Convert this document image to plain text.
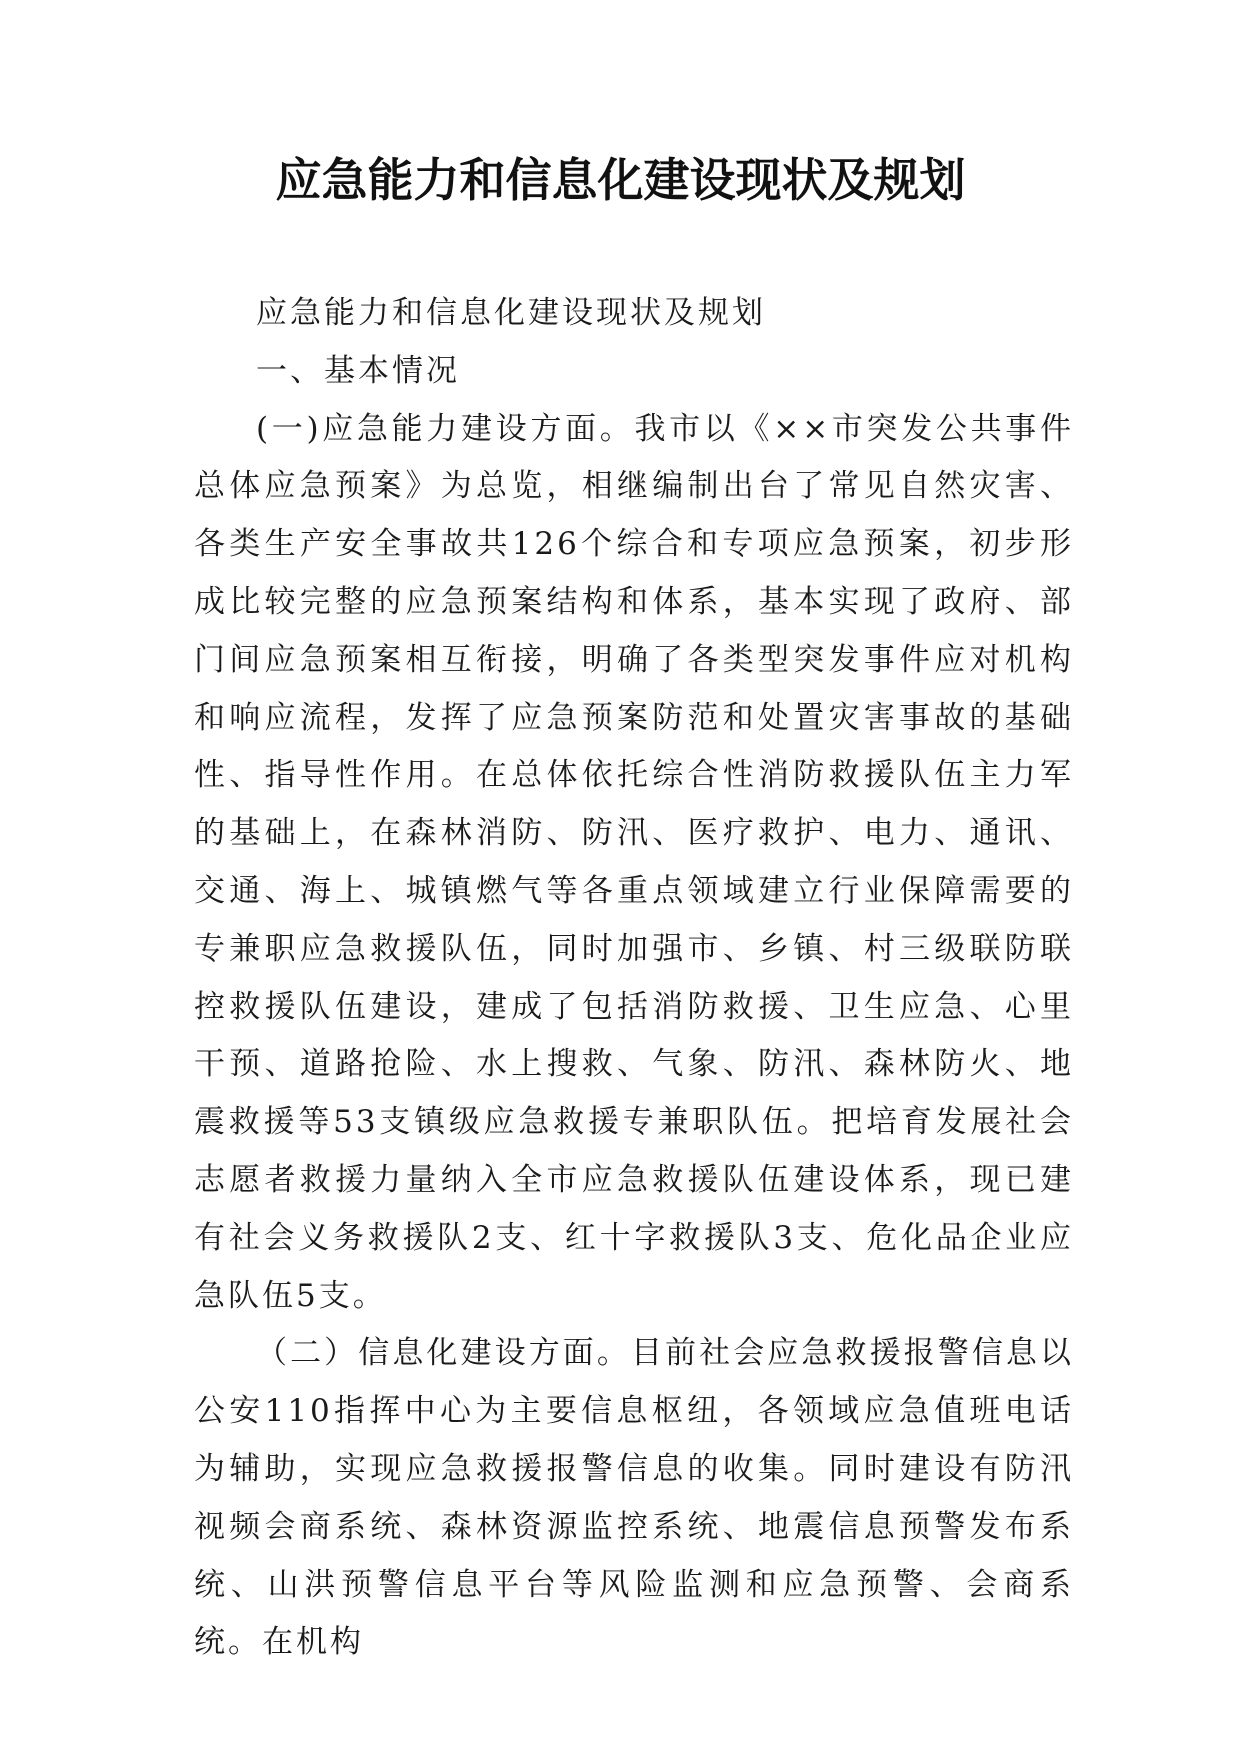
应急能力和信息化建设现状及规划

应急能力和信息化建设现状及规划

一、基本情况

(一)应急能力建设方面。我市以《××市突发公共事件总体应急预案》为总览，相继编制出台了常见自然灾害、各类生产安全事故共126个综合和专项应急预案，初步形成比较完整的应急预案结构和体系，基本实现了政府、部门间应急预案相互衔接，明确了各类型突发事件应对机构和响应流程，发挥了应急预案防范和处置灾害事故的基础性、指导性作用。在总体依托综合性消防救援队伍主力军的基础上，在森林消防、防汛、医疗救护、电力、通讯、交通、海上、城镇燃气等各重点领域建立行业保障需要的专兼职应急救援队伍，同时加强市、乡镇、村三级联防联控救援队伍建设，建成了包括消防救援、卫生应急、心里干预、道路抢险、水上搜救、气象、防汛、森林防火、地震救援等53支镇级应急救援专兼职队伍。把培育发展社会志愿者救援力量纳入全市应急救援队伍建设体系，现已建有社会义务救援队2支、红十字救援队3支、危化品企业应急队伍5支。

（二）信息化建设方面。目前社会应急救援报警信息以公安110指挥中心为主要信息枢纽，各领域应急值班电话为辅助，实现应急救援报警信息的收集。同时建设有防汛视频会商系统、森林资源监控系统、地震信息预警发布系统、山洪预警信息平台等风险监测和应急预警、会商系统。在机构
